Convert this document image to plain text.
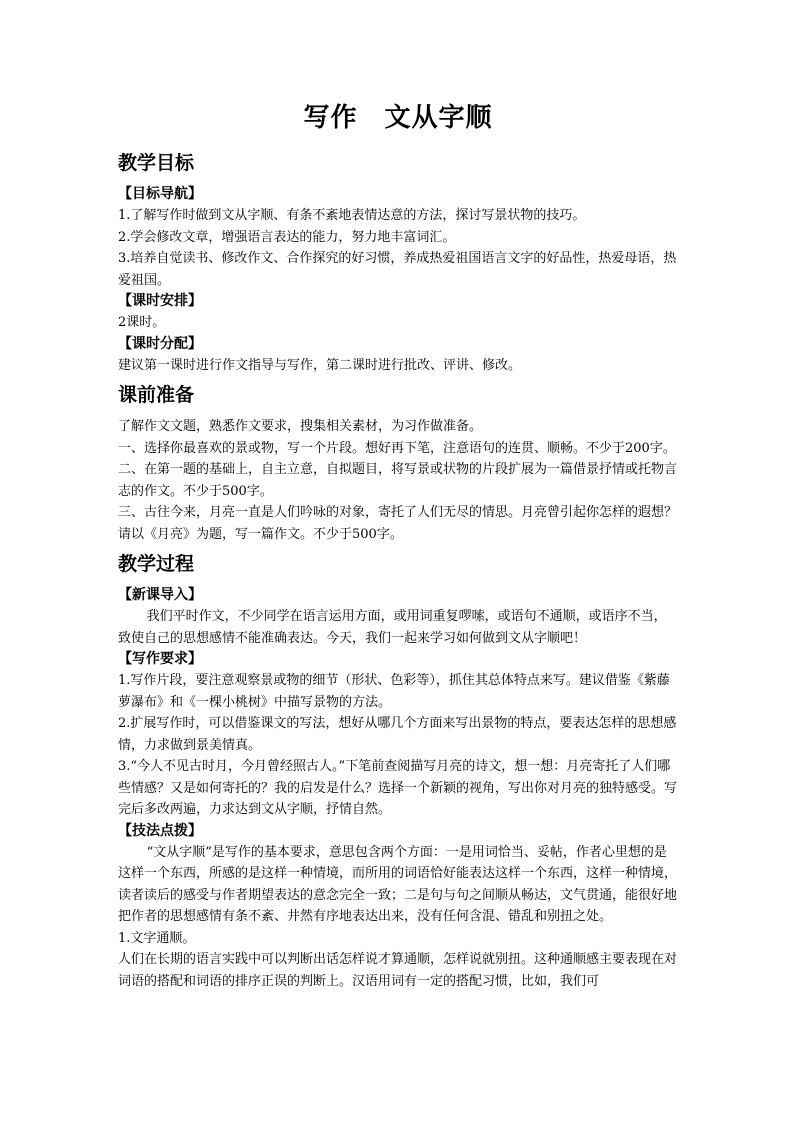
写作　文从字顺
教学目标
【目标导航】

1.了解写作时做到文从字顺、有条不紊地表情达意的方法，探讨写景状物的技巧。

2.学会修改文章，增强语言表达的能力，努力地丰富词汇。

3.培养自觉读书、修改作文、合作探究的好习惯，养成热爱祖国语言文字的好品性，热爱母语，热爱祖国。

【课时安排】

2课时。

【课时分配】

建议第一课时进行作文指导与写作，第二课时进行批改、评讲、修改。

课前准备

了解作文文题，熟悉作文要求，搜集相关素材，为习作做准备。

一、选择你最喜欢的景或物，写一个片段。想好再下笔，注意语句的连贯、顺畅。不少于200字。

二、在第一题的基础上，自主立意，自拟题目，将写景或状物的片段扩展为一篇借景抒情或托物言志的作文。不少于500字。

三、古往今来，月亮一直是人们吟咏的对象，寄托了人们无尽的情思。月亮曾引起你怎样的遐想？请以《月亮》为题，写一篇作文。不少于500字。

教学过程
【新课导入】

我们平时作文，不少同学在语言运用方面，或用词重复啰嗦，或语句不通顺，或语序不当，致使自己的思想感情不能准确表达。今天，我们一起来学习如何做到文从字顺吧！

【写作要求】

1.写作片段，要注意观察景或物的细节（形状、色彩等），抓住其总体特点来写。建议借鉴《紫藤萝瀑布》和《一棵小桃树》中描写景物的方法。

2.扩展写作时，可以借鉴课文的写法，想好从哪几个方面来写出景物的特点，要表达怎样的思想感情，力求做到景美情真。

3.“今人不见古时月，今月曾经照古人。”下笔前查阅描写月亮的诗文，想一想：月亮寄托了人们哪些情感？又是如何寄托的？我的启发是什么？选择一个新颖的视角，写出你对月亮的独特感受。写完后多改两遍，力求达到文从字顺，抒情自然。

【技法点拨】

“文从字顺”是写作的基本要求，意思包含两个方面：一是用词恰当、妥帖，作者心里想的是这样一个东西，所感的是这样一种情境，而所用的词语恰好能表达这样一个东西，这样一种情境，读者读后的感受与作者期望表达的意念完全一致；二是句与句之间顺从畅达，文气贯通，能很好地把作者的思想感情有条不紊、井然有序地表达出来，没有任何含混、错乱和别扭之处。

1.文字通顺。

人们在长期的语言实践中可以判断出话怎样说才算通顺，怎样说就别扭。这种通顺感主要表现在对词语的搭配和词语的排序正误的判断上。汉语用词有一定的搭配习惯，比如，我们可
